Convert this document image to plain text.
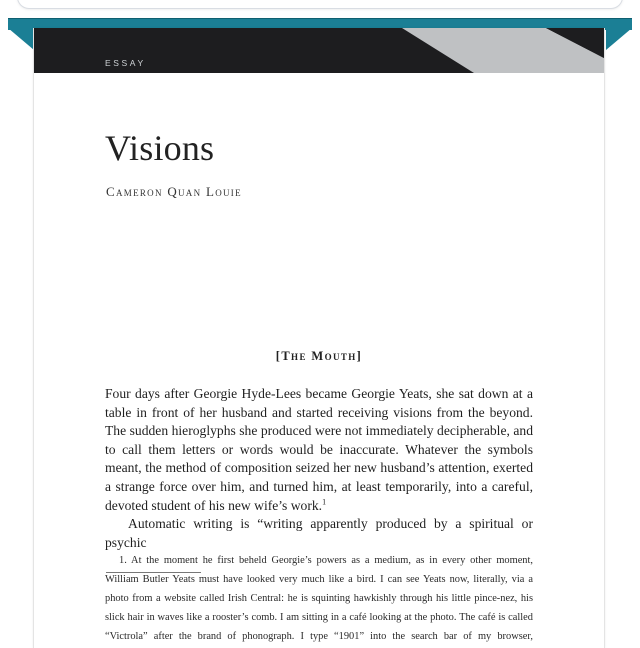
ESSAY
Visions
Cameron Quan Louie
[The Mouth]

Four days after Georgie Hyde-Lees became Georgie Yeats, she sat down at a table in front of her husband and started receiving visions from the beyond. The sudden hieroglyphs she produced were not immediately decipherable, and to call them letters or words would be inaccurate. Whatever the symbols meant, the method of composition seized her new husband’s attention, exerted a strange force over him, and turned him, at least temporarily, into a careful, devoted student of his new wife’s work.$^1$

Automatic writing is “writing apparently produced by a spiritual or psychic

1. At the moment he first beheld Georgie’s powers as a medium, as in every other moment, William Butler Yeats must have looked very much like a bird. I can see Yeats now, literally, via a photo from a website called Irish Central: he is squinting hawkishly through his little pince-nez, his slick hair in waves like a rooster’s comb. I am sitting in a café looking at the photo. The café is called “Victrola” after the brand of phonograph. I type “1901” into the search bar of my browser,
